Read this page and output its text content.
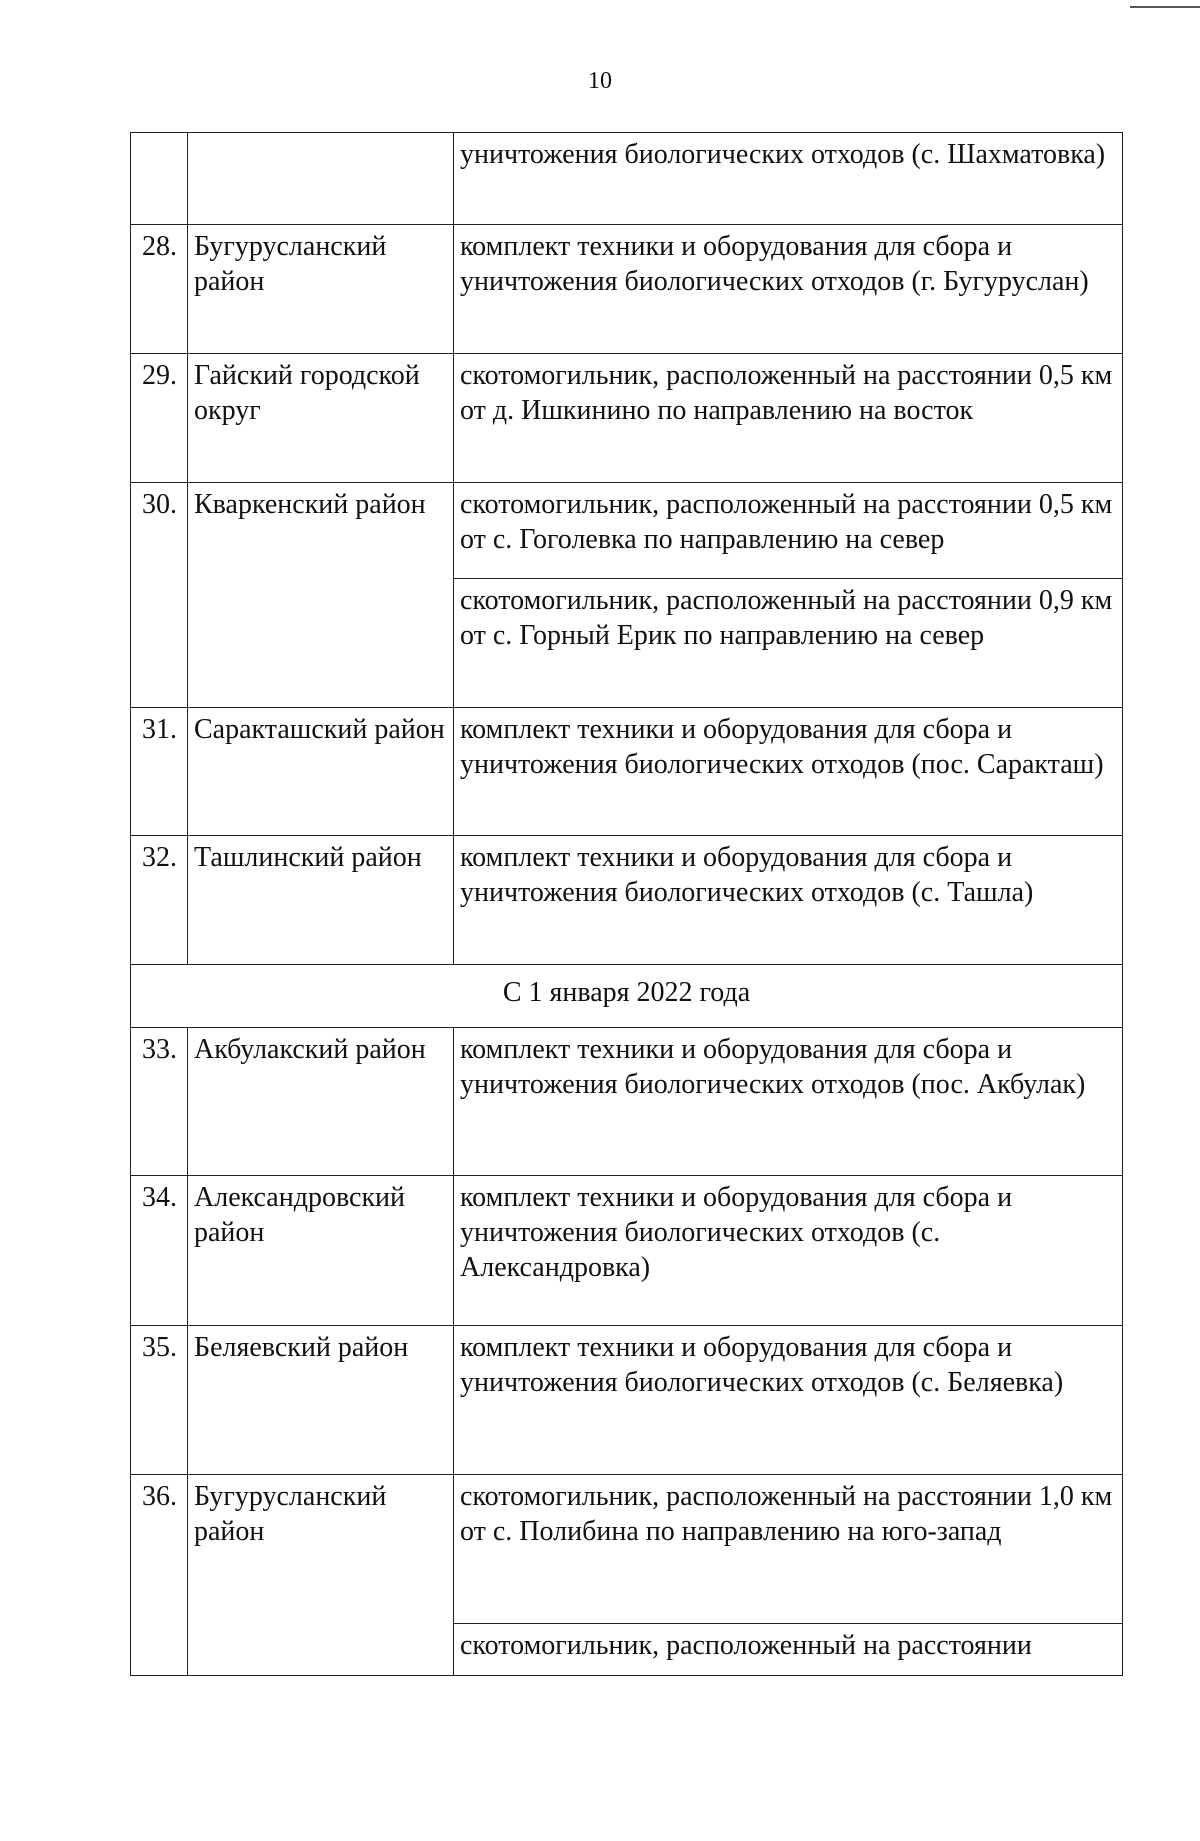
10
		уничтожения биологических отходов (с. Шахматовка)
28.	Бугурусланский район	комплект техники и оборудования для сбора и уничтожения биологических отходов (г. Бугуруслан)
29.	Гайский городской округ	скотомогильник, расположенный на расстоянии 0,5 км от д. Ишкинино по направлению на восток
30.	Кваркенский район	скотомогильник, расположенный на расстоянии 0,5 км от с. Гоголевка по направлению на север
		скотомогильник, расположенный на расстоянии 0,9 км от с. Горный Ерик по направлению на север
31.	Саракташский район	комплект техники и оборудования для сбора и уничтожения биологических отходов (пос. Саракташ)
32.	Ташлинский район	комплект техники и оборудования для сбора и уничтожения биологических отходов (с. Ташла)
С 1 января 2022 года		
33.	Акбулакский район	комплект техники и оборудования для сбора и уничтожения биологических отходов (пос. Акбулак)
34.	Александровский район	комплект техники и оборудования для сбора и уничтожения биологических отходов (с. Александровка)
35.	Беляевский район	комплект техники и оборудования для сбора и уничтожения биологических отходов (с. Беляевка)
36.	Бугурусланский район	скотомогильник, расположенный на расстоянии 1,0 км от с. Полибина по направлению на юго-запад
		скотомогильник, расположенный на расстоянии
